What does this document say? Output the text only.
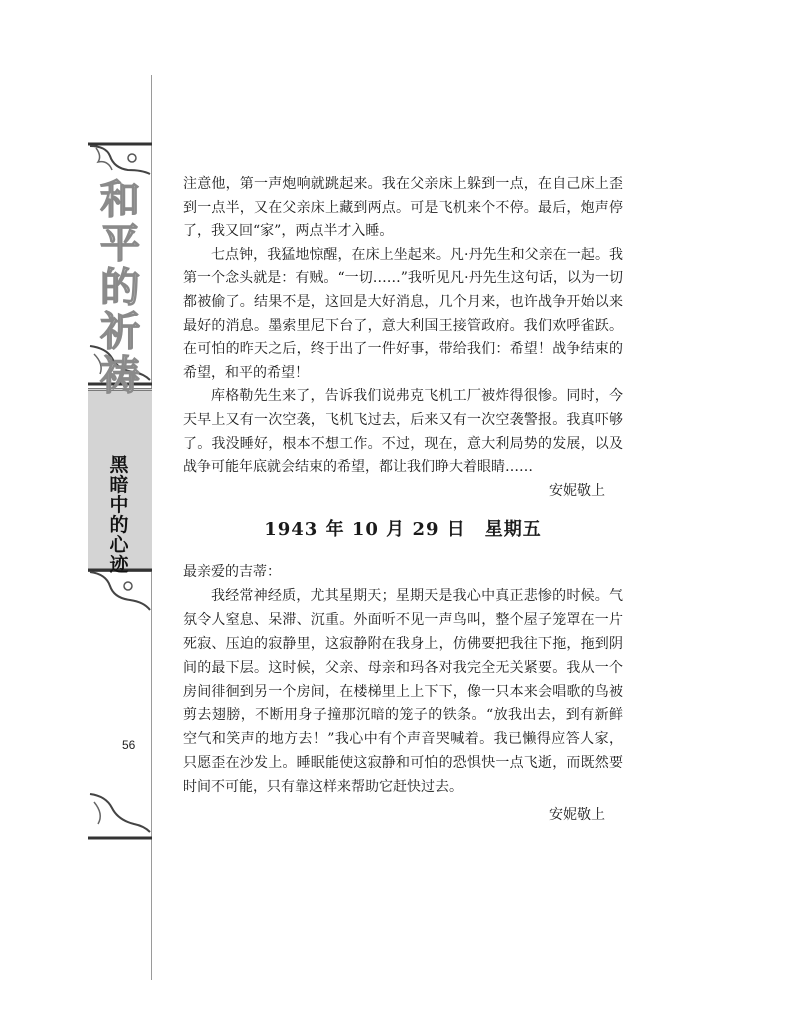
和
平
的
祈
祷
黑
暗
中
的
心
迹
56

注意他，第一声炮响就跳起来。我在父亲床上躲到一点，在自己床上歪到一点半，又在父亲床上藏到两点。可是飞机来个不停。最后，炮声停了，我又回“家”，两点半才入睡。

七点钟，我猛地惊醒，在床上坐起来。凡·丹先生和父亲在一起。我第一个念头就是：有贼。“一切……”我听见凡·丹先生这句话，以为一切都被偷了。结果不是，这回是大好消息，几个月来，也许战争开始以来最好的消息。墨索里尼下台了，意大利国王接管政府。我们欢呼雀跃。在可怕的昨天之后，终于出了一件好事，带给我们：希望！战争结束的希望，和平的希望！

库格勒先生来了，告诉我们说弗克飞机工厂被炸得很惨。同时，今天早上又有一次空袭，飞机飞过去，后来又有一次空袭警报。我真吓够了。我没睡好，根本不想工作。不过，现在，意大利局势的发展，以及战争可能年底就会结束的希望，都让我们睁大着眼睛……

安妮敬上

1943 年 10 月 29 日　星期五

最亲爱的吉蒂：

我经常神经质，尤其星期天；星期天是我心中真正悲惨的时候。气氛令人窒息、呆滞、沉重。外面听不见一声鸟叫，整个屋子笼罩在一片死寂、压迫的寂静里，这寂静附在我身上，仿佛要把我往下拖，拖到阴间的最下层。这时候，父亲、母亲和玛各对我完全无关紧要。我从一个房间徘徊到另一个房间，在楼梯里上上下下，像一只本来会唱歌的鸟被剪去翅膀，不断用身子撞那沉暗的笼子的铁条。“放我出去，到有新鲜空气和笑声的地方去！”我心中有个声音哭喊着。我已懒得应答人家，只愿歪在沙发上。睡眠能使这寂静和可怕的恐惧快一点飞逝，而既然要时间不可能，只有靠这样来帮助它赶快过去。

安妮敬上
